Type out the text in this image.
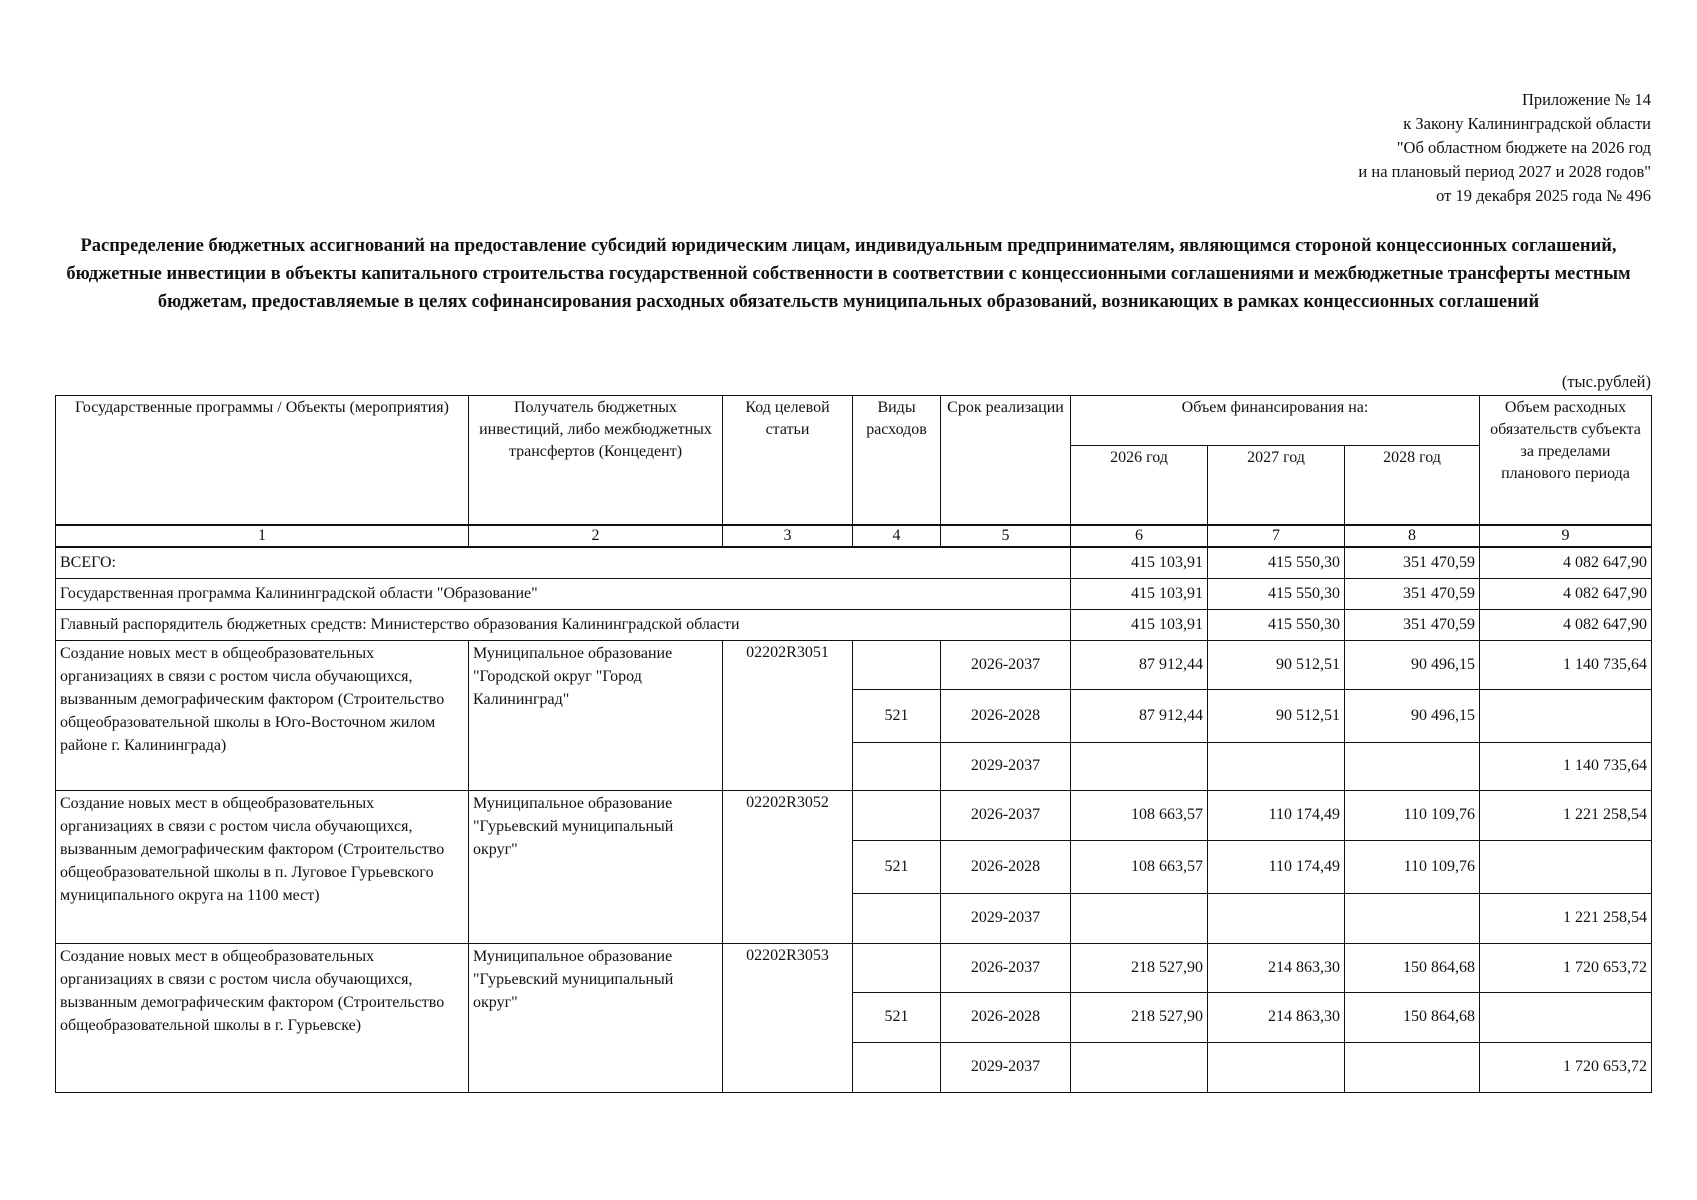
Приложение № 14
к Закону Калининградской области
"Об областном бюджете на 2026 год
и на плановый период 2027 и 2028 годов"
от 19 декабря 2025 года № 496
Распределение бюджетных ассигнований на предоставление субсидий юридическим лицам, индивидуальным предпринимателям, являющимся стороной концессионных соглашений, бюджетные инвестиции в объекты капитального строительства государственной собственности в соответствии с концессионными соглашениями и межбюджетные трансферты местным бюджетам, предоставляемые в целях софинансирования расходных обязательств муниципальных образований, возникающих в рамках концессионных соглашений
(тыс.рублей)
Государственные программы / Объекты (мероприятия)	Получатель бюджетных инвестиций, либо межбюджетных трансфертов (Концедент)	Код целевой статьи	Виды расходов	Срок реализации	Объем финансирования на:			Объем расходных обязательств субъекта за пределами планового периода
					2026 год	2027 год	2028 год	
1	2	3	4	5	6	7	8	9
ВСЕГО:					415 103,91	415 550,30	351 470,59	4 082 647,90
Государственная программа Калининградской области "Образование"					415 103,91	415 550,30	351 470,59	4 082 647,90
Главный распорядитель бюджетных средств: Министерство образования Калининградской области					415 103,91	415 550,30	351 470,59	4 082 647,90
Создание новых мест в общеобразовательных организациях в связи с ростом числа обучающихся, вызванным демографическим фактором (Строительство общеобразовательной школы в Юго-Восточном жилом районе г. Калининграда)	Муниципальное образование "Городской округ "Город Калининград"	02202R3051		2026-2037	87 912,44	90 512,51	90 496,15	1 140 735,64
			521	2026-2028	87 912,44	90 512,51	90 496,15	
				2029-2037				1 140 735,64
Создание новых мест в общеобразовательных организациях в связи с ростом числа обучающихся, вызванным демографическим фактором (Строительство общеобразовательной школы в п. Луговое Гурьевского муниципального округа на 1100 мест)	Муниципальное образование "Гурьевский муниципальный округ"	02202R3052		2026-2037	108 663,57	110 174,49	110 109,76	1 221 258,54
			521	2026-2028	108 663,57	110 174,49	110 109,76	
				2029-2037				1 221 258,54
Создание новых мест в общеобразовательных организациях в связи с ростом числа обучающихся, вызванным демографическим фактором (Строительство общеобразовательной школы в г. Гурьевске)	Муниципальное образование "Гурьевский муниципальный округ"	02202R3053		2026-2037	218 527,90	214 863,30	150 864,68	1 720 653,72
			521	2026-2028	218 527,90	214 863,30	150 864,68	
				2029-2037				1 720 653,72
